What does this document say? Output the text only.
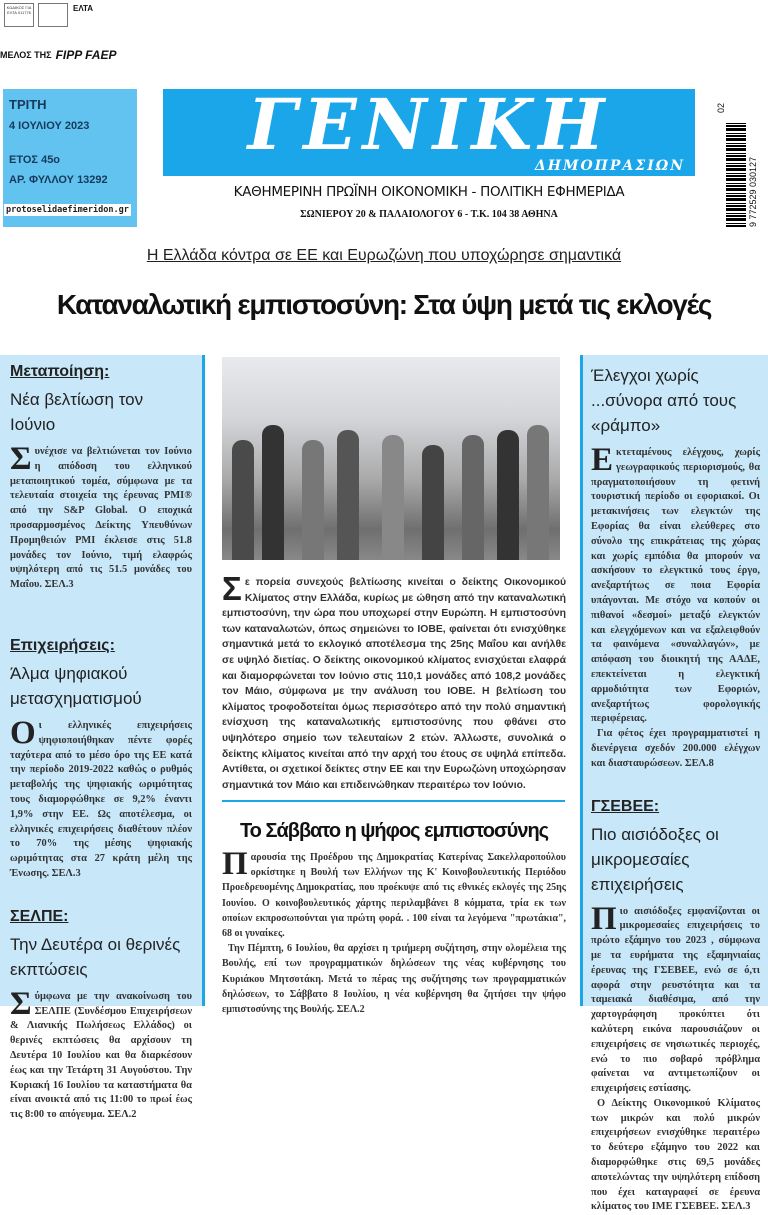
ΚΩΔΙΚΟΣ ΓΙΑ ΕΛΤΑ 011776	ΕΛΤΑ
ΜΕΛΟΣ ΤΗΣ FIPP FAEP
ΤΡΙΤΗ
4 ΙΟΥΛΙΟΥ 2023
ΕΤΟΣ 45ο
ΑΡ. ΦΥΛΛΟΥ 13292
protoselidaefimeridon.gr
ΓΕΝΙΚΗ
ΔΗΜΟΠΡΑΣΙΩΝ
ΚΑΘΗΜΕΡΙΝΗ ΠΡΩΪΝΗ ΟΙΚΟΝΟΜΙΚΗ - ΠΟΛΙΤΙΚΗ ΕΦΗΜΕΡΙΔΑ
ΣΩΝΙΕΡΟΥ 20 & ΠΑΛΑΙΟΛΟΓΟΥ 6 - Τ.Κ. 104 38 ΑΘΗΝΑ
02
9 772529 030127
Η Ελλάδα κόντρα σε ΕΕ και Ευρωζώνη που υποχώρησε σημαντικά
Καταναλωτική εμπιστοσύνη: Στα ύψη μετά τις εκλογές
Μεταποίηση:
Νέα βελτίωση τον Ιούνιο
Συνέχισε να βελτιώνεται τον Ιούνιο η απόδοση του ελληνικού μεταποιητικού τομέα, σύμφωνα με τα τελευταία στοιχεία της έρευνας PMI® από την S&P Global. Ο εποχικά προσαρμοσμένος Δείκτης Υπευθύνων Προμηθειών PMI έκλεισε στις 51.8 μονάδες τον Ιούνιο, τιμή ελαφρώς υψηλότερη από τις 51.5 μονάδες του Μαΐου. ΣΕΛ.3
Επιχειρήσεις:
Άλμα ψηφιακού μετασχηματισμού
Οι ελληνικές επιχειρήσεις ψηφιοποιήθηκαν πέντε φορές ταχύτερα από το μέσο όρο της ΕΕ κατά την περίοδο 2019-2022 καθώς ο ρυθμός μεταβολής της ψηφιακής ωριμότητας τους διαμορφώθηκε σε 9,2% έναντι 1,9% στην ΕΕ. Ως αποτέλεσμα, οι ελληνικές επιχειρήσεις διαθέτουν πλέον το 70% της μέσης ψηφιακής ωριμότητας στα 27 κράτη μέλη της Ένωσης. ΣΕΛ.3
ΣΕΛΠΕ:
Την Δευτέρα οι θερινές εκπτώσεις
Σύμφωνα με την ανακοίνωση του ΣΕΛΠΕ (Συνδέσμου Επιχειρήσεων & Λιανικής Πωλήσεως Ελλάδος) οι θερινές εκπτώσεις θα αρχίσουν τη Δευτέρα 10 Ιουλίου και θα διαρκέσουν έως και την Τετάρτη 31 Αυγούστου. Την Κυριακή 16 Ιουλίου τα καταστήματα θα είναι ανοικτά από τις 11:00 το πρωί έως τις 8:00 το απόγευμα. ΣΕΛ.2
Σε πορεία συνεχούς βελτίωσης κινείται ο δείκτης Οικονομικού Κλίματος στην Ελλάδα, κυρίως με ώθηση από την καταναλωτική εμπιστοσύνη, την ώρα που υποχωρεί στην Ευρώπη. Η εμπιστοσύνη των καταναλωτών, όπως σημειώνει το ΙΟΒΕ, φαίνεται ότι ενισχύθηκε σημαντικά μετά το εκλογικό αποτέλεσμα της 25ης Μαΐου και ανήλθε σε υψηλό διετίας. Ο δείκτης οικονομικού κλίματος ενισχύεται ελαφρά και διαμορφώνεται τον Ιούνιο στις 110,1 μονάδες από 108,2 μονάδες τον Μάιο, σύμφωνα με την ανάλυση του ΙΟΒΕ. Η βελτίωση του κλίματος τροφοδοτείται όμως περισσότερο από την πολύ σημαντική ενίσχυση της καταναλωτικής εμπιστοσύνης που φθάνει στο υψηλότερο σημείο των τελευταίων 2 ετών. Άλλωστε, συνολικά ο δείκτης κλίματος κινείται από την αρχή του έτους σε υψηλά επίπεδα. Αντίθετα, οι σχετικοί δείκτες στην ΕΕ και την Ευρωζώνη υποχώρησαν σημαντικά τον Μάιο και επιδεινώθηκαν περαιτέρω τον Ιούνιο.
Το Σάββατο η ψήφος εμπιστοσύνης
Παρουσία της Προέδρου της Δημοκρατίας Κατερίνας Σακελλαροπούλου ορκίστηκε η Βουλή των Ελλήνων της Κ' Κοινοβουλευτικής Περιόδου Προεδρευομένης Δημοκρατίας, που προέκυψε από τις εθνικές εκλογές της 25ης Ιουνίου. Ο κοινοβουλευτικός χάρτης περιλαμβάνει 8 κόμματα, τρία εκ των οποίων εκπροσωπούνται για πρώτη φορά. . 100 είναι τα λεγόμενα "πρωτάκια", 68 οι γυναίκες.
Την Πέμπτη, 6 Ιουλίου, θα αρχίσει η τριήμερη συζήτηση, στην ολομέλεια της Βουλής, επί των προγραμματικών δηλώσεων της νέας κυβέρνησης του Κυριάκου Μητσοτάκη. Μετά το πέρας της συζήτησης των προγραμματικών δηλώσεων, το Σάββατο 8 Ιουλίου, η νέα κυβέρνηση θα ζητήσει την ψήφο εμπιστοσύνης της Βουλής. ΣΕΛ.2
Έλεγχοι χωρίς ...σύνορα από τους «ράμπο»
Εκτεταμένους ελέγχους, χωρίς γεωγραφικούς περιορισμούς, θα πραγματοποιήσουν τη φετινή τουριστική περίοδο οι εφοριακοί. Οι μετακινήσεις των ελεγκτών της Εφορίας θα είναι ελεύθερες στο σύνολο της επικράτειας της χώρας και χωρίς εμπόδια θα μπορούν να ασκήσουν το ελεγκτικό τους έργο, ανεξαρτήτως σε ποια Εφορία υπάγονται. Με στόχο να κοπούν οι πιθανοί «δεσμοί» μεταξύ ελεγκτών και ελεγχόμενων και να εξαλειφθούν τα φαινόμενα «συναλλαγών», με απόφαση του διοικητή της ΑΑΔΕ, επεκτείνεται η ελεγκτική αρμοδιότητα των Εφοριών, ανεξαρτήτως φορολογικής περιφέρειας.
Για φέτος έχει προγραμματιστεί η διενέργεια σχεδόν 200.000 ελέγχων και διασταυρώσεων. ΣΕΛ.8
ΓΣΕΒΕΕ:
Πιο αισιόδοξες οι μικρομεσαίες επιχειρήσεις
Πιο αισιόδοξες εμφανίζονται οι μικρομεσαίες επιχειρήσεις το πρώτο εξάμηνο του 2023 , σύμφωνα με τα ευρήματα της εξαμηνιαίας έρευνας της ΓΣΕΒΕΕ, ενώ σε ό,τι αφορά στην ρευστότητα και τα ταμειακά διαθέσιμα, από την χαρτογράφηση προκύπτει ότι καλύτερη εικόνα παρουσιάζουν οι επιχειρήσεις σε νησιωτικές περιοχές, ενώ το πιο σοβαρό πρόβλημα φαίνεται να αντιμετωπίζουν οι επιχειρήσεις εστίασης.
Ο Δείκτης Οικονομικού Κλίματος των μικρών και πολύ μικρών επιχειρήσεων ενισχύθηκε περαιτέρω το δεύτερο εξάμηνο του 2022 και διαμορφώθηκε στις 69,5 μονάδες αποτελώντας την υψηλότερη επίδοση που έχει καταγραφεί σε έρευνα κλίματος του ΙΜΕ ΓΣΕΒΕΕ. ΣΕΛ.3
